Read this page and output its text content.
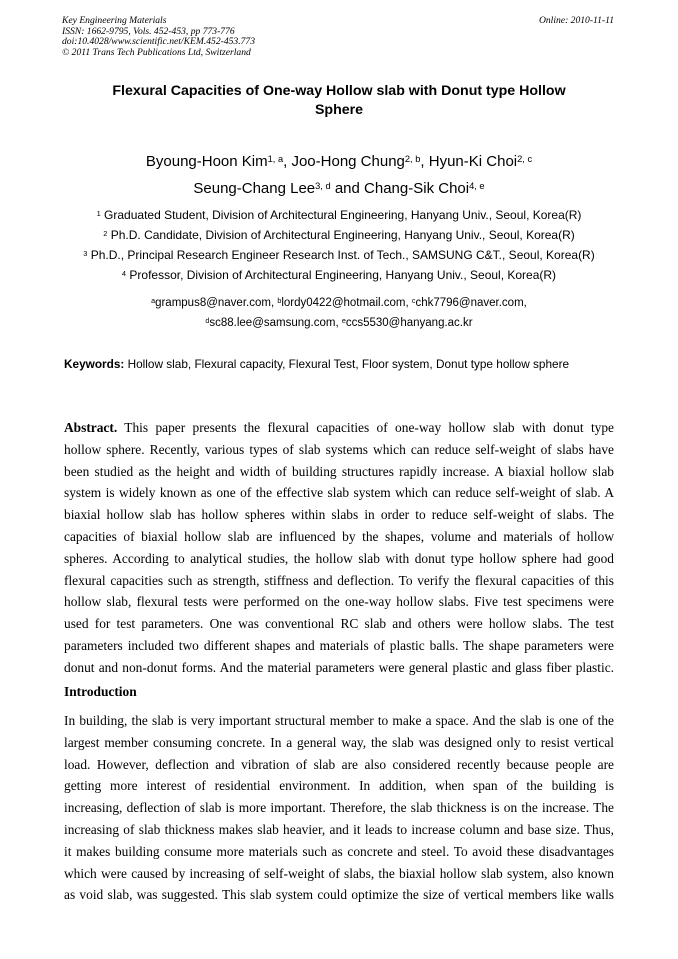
Key Engineering Materials
ISSN: 1662-9795, Vols. 452-453, pp 773-776
doi:10.4028/www.scientific.net/KEM.452-453.773
© 2011 Trans Tech Publications Ltd, Switzerland
Online: 2010-11-11
Flexural Capacities of One-way Hollow slab with Donut type Hollow
Sphere
Byoung-Hoon Kim$^{1, a}$, Joo-Hong Chung$^{2, b}$, Hyun-Ki Choi$^{2, c}$
Seung-Chang Lee$^{3, d}$ and Chang-Sik Choi$^{4, e}$
$^1$ Graduated Student, Division of Architectural Engineering, Hanyang Univ., Seoul, Korea(R)
$^2$ Ph.D. Candidate, Division of Architectural Engineering, Hanyang Univ., Seoul, Korea(R)
$^3$ Ph.D., Principal Research Engineer Research Inst. of Tech., SAMSUNG C&T., Seoul, Korea(R)
$^4$ Professor, Division of Architectural Engineering, Hanyang Univ., Seoul, Korea(R)
$^a$grampus8@naver.com, $^b$lordy0422@hotmail.com, $^c$chk7796@naver.com,
$^d$sc88.lee@samsung.com, $^e$ccs5530@hanyang.ac.kr
Keywords: Hollow slab, Flexural capacity, Flexural Test, Floor system, Donut type hollow sphere
Abstract. This paper presents the flexural capacities of one-way hollow slab with donut type
hollow sphere. Recently, various types of slab systems which can reduce self-weight of slabs have
been studied as the height and width of building structures rapidly increase. A biaxial hollow slab
system is widely known as one of the effective slab system which can reduce self-weight of slab. A
biaxial hollow slab has hollow spheres within slabs in order to reduce self-weight of slabs. The
capacities of biaxial hollow slab are influenced by the shapes, volume and materials of hollow
spheres. According to analytical studies, the hollow slab with donut type hollow sphere had good
flexural capacities such as strength, stiffness and deflection. To verify the flexural capacities of this
hollow slab, flexural tests were performed on the one-way hollow slabs. Five test specimens were
used for test parameters. One was conventional RC slab and others were hollow slabs. The test
parameters included two different shapes and materials of plastic balls. The shape parameters were
donut and non-donut forms. And the material parameters were general plastic and glass fiber plastic.
Introduction
In building, the slab is very important structural member to make a space. And the slab is one of the
largest member consuming concrete. In a general way, the slab was designed only to resist vertical
load. However, deflection and vibration of slab are also considered recently because people are
getting more interest of residential environment. In addition, when span of the building is
increasing, deflection of slab is more important. Therefore, the slab thickness is on the increase. The
increasing of slab thickness makes slab heavier, and it leads to increase column and base size. Thus,
it makes building consume more materials such as concrete and steel. To avoid these disadvantages
which were caused by increasing of self-weight of slabs, the biaxial hollow slab system, also known
as void slab, was suggested. This slab system could optimize the size of vertical members like walls
